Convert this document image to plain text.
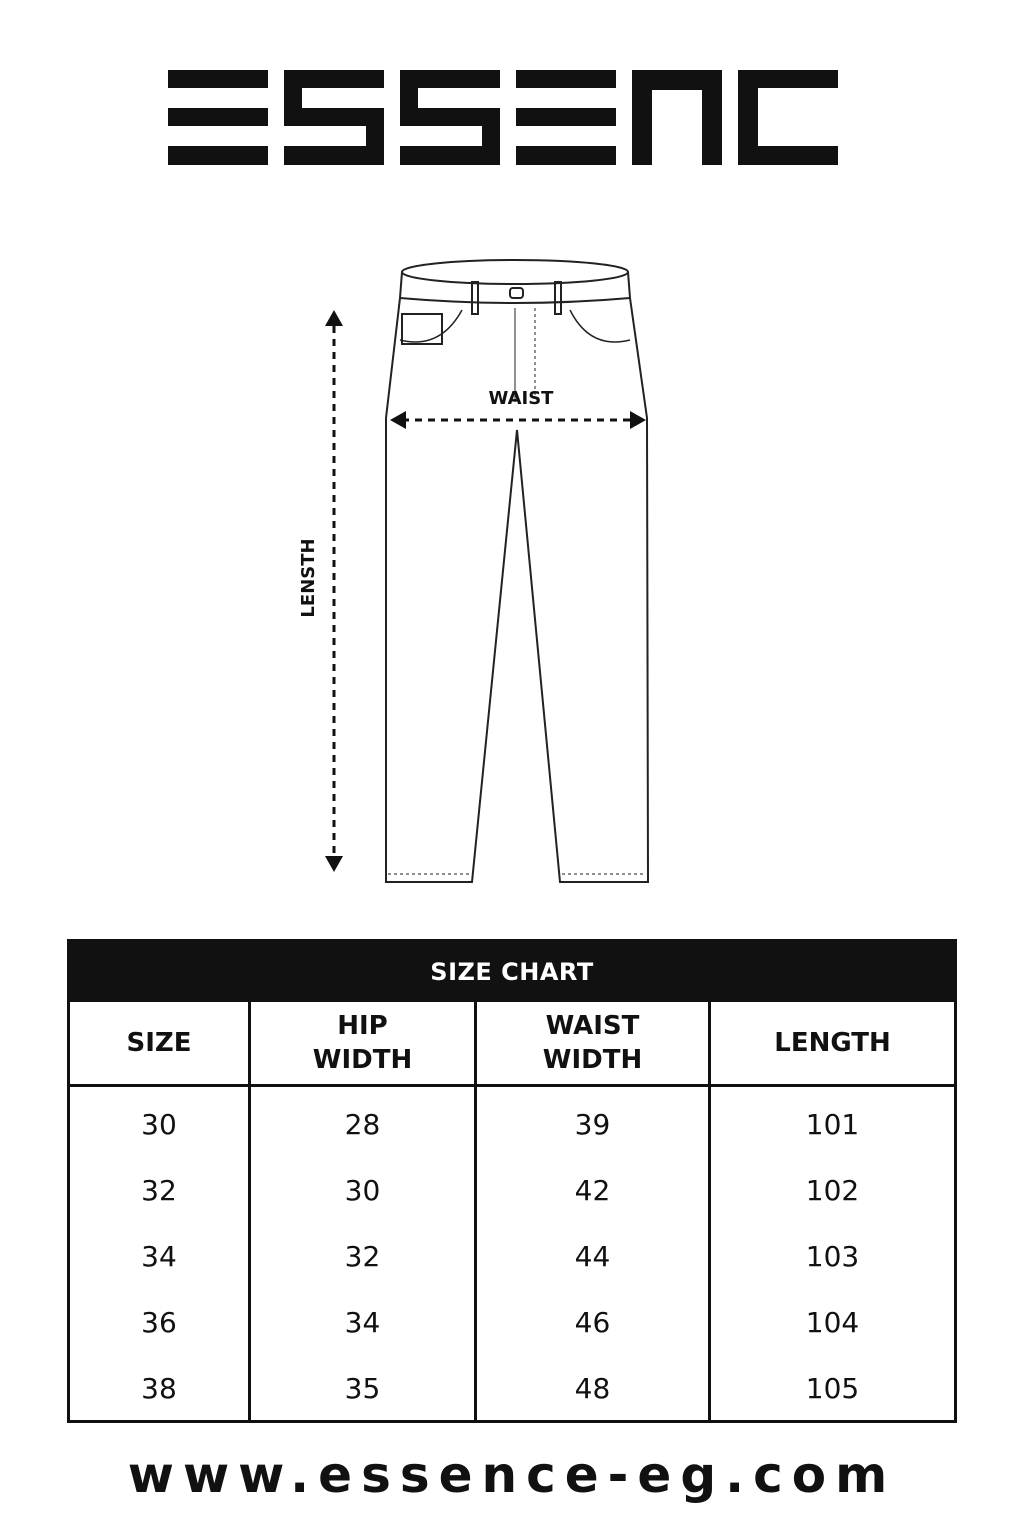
WAIST
LENSTH
SIZE CHART
SIZE
HIP
WIDTH
WAIST
WIDTH
LENGTH
30
32
34
36
38
28
30
32
34
35
39
42
44
46
48
101
102
103
104
105
www.essence-eg.com
